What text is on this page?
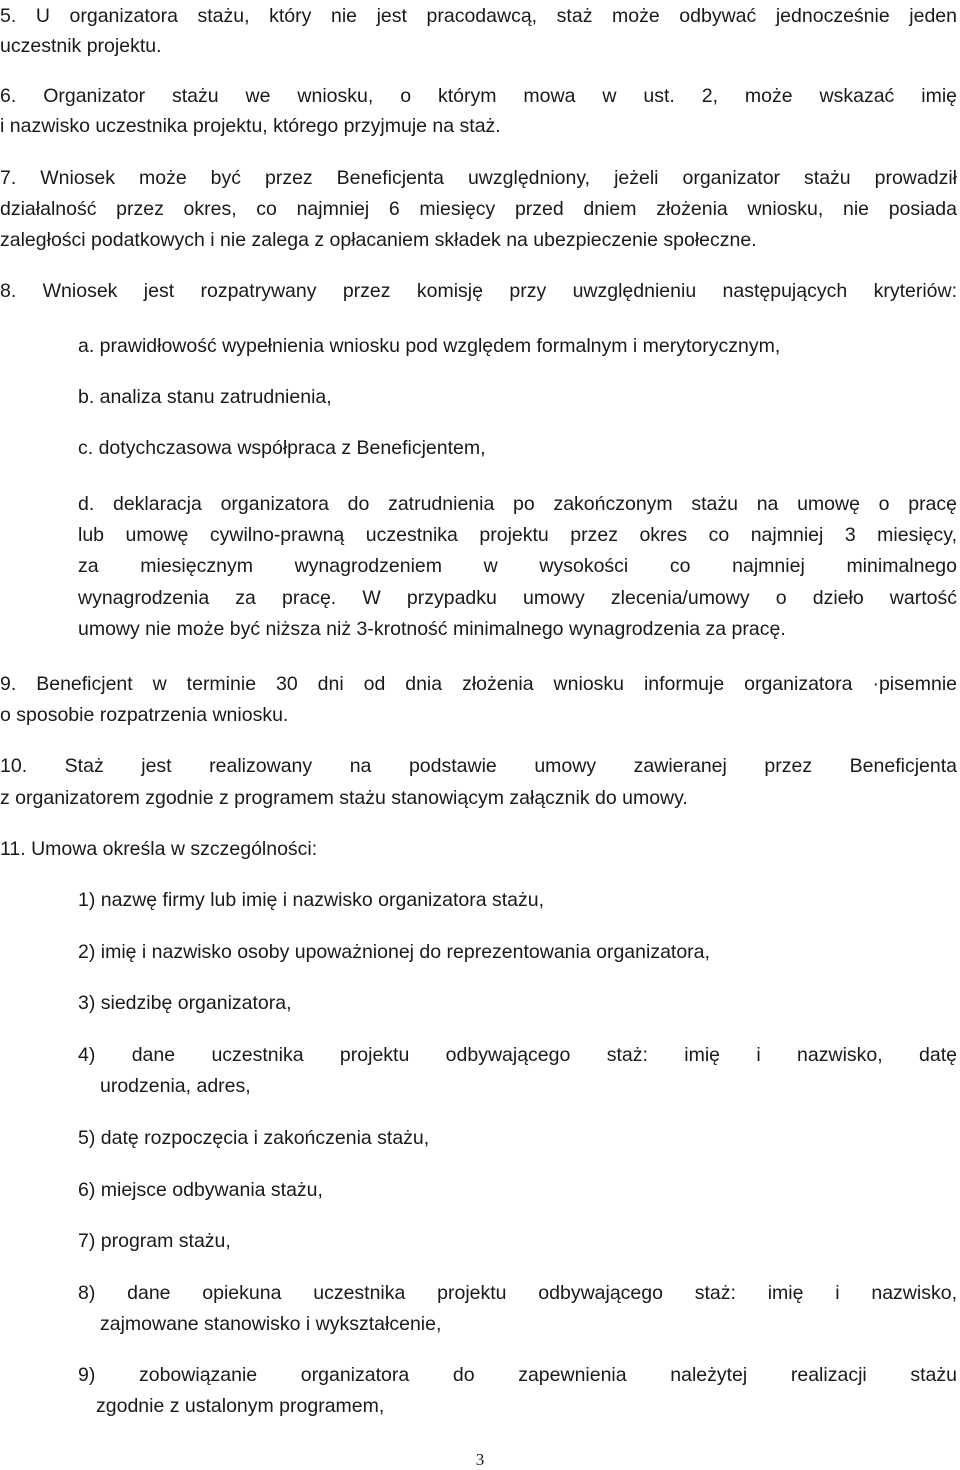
5. U organizatora stażu, który nie jest pracodawcą, staż może odbywać jednocześnie jeden
uczestnik projektu.
6. Organizator stażu we wniosku, o którym mowa w ust. 2, może wskazać imię
i nazwisko uczestnika projektu, którego przyjmuje na staż.
7. Wniosek może być przez Beneficjenta uwzględniony, jeżeli organizator stażu prowadził
działalność przez okres, co najmniej 6 miesięcy przed dniem złożenia wniosku, nie posiada
zaległości podatkowych i nie zalega z opłacaniem składek na ubezpieczenie społeczne.
8. Wniosek jest rozpatrywany przez komisję przy uwzględnieniu następujących kryteriów:
a. prawidłowość wypełnienia wniosku pod względem formalnym i merytorycznym,
b. analiza stanu zatrudnienia,
c. dotychczasowa współpraca z Beneficjentem,
d. deklaracja organizatora do zatrudnienia po zakończonym stażu na umowę o pracę
lub umowę cywilno-prawną uczestnika projektu przez okres co najmniej 3 miesięcy,
za miesięcznym wynagrodzeniem w wysokości co najmniej minimalnego
wynagrodzenia za pracę. W przypadku umowy zlecenia/umowy o dzieło wartość
umowy nie może być niższa niż 3-krotność minimalnego wynagrodzenia za pracę.
9. Beneficjent w terminie 30 dni od dnia złożenia wniosku informuje organizatora ·pisemnie
o sposobie rozpatrzenia wniosku.
10. Staż jest realizowany na podstawie umowy zawieranej przez Beneficjenta
z organizatorem zgodnie z programem stażu stanowiącym załącznik do umowy.
11. Umowa określa w szczególności:
1) nazwę firmy lub imię i nazwisko organizatora stażu,
2) imię i nazwisko osoby upoważnionej do reprezentowania organizatora,
3) siedzibę organizatora,
4) dane uczestnika projektu odbywającego staż: imię i nazwisko, datę
urodzenia, adres,
5) datę rozpoczęcia i zakończenia stażu,
6) miejsce odbywania stażu,
7) program stażu,
8) dane opiekuna uczestnika projektu odbywającego staż: imię i nazwisko,
zajmowane stanowisko i wykształcenie,
9) zobowiązanie organizatora do zapewnienia należytej realizacji stażu
zgodnie z ustalonym programem,
3
